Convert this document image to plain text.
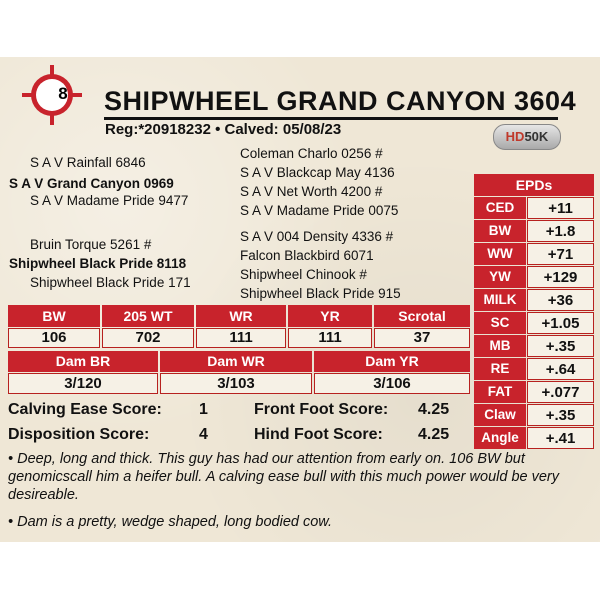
8 SHIPWHEEL GRAND CANYON 3604
Reg:*20918232 • Calved: 05/08/23	HD50K
S A V Rainfall 6846
S A V Grand Canyon 0969
S A V Madame Pride 9477
Coleman Charlo 0256 #
S A V Blackcap May 4136
S A V Net Worth 4200 #
S A V Madame Pride 0075
Bruin Torque 5261 #
Shipwheel Black Pride 8118
Shipwheel Black Pride 171
S A V 004 Density 4336 #
Falcon Blackbird 6071
Shipwheel Chinook #
Shipwheel Black Pride 915
BW	205 WT	WR	YR	Scrotal
106	702	111	111	37
Dam BR	Dam WR	Dam YR
3/120	3/103	3/106
EPDs
CED	+11
BW	+1.8
WW	+71
YW	+129
MILK	+36
SC	+1.05
MB	+.35
RE	+.64
FAT	+.077
Claw	+.35
Angle	+.41
Calving Ease Score: 1
Disposition Score:	4
Front Foot Score: 4.25
Hind Foot Score: 4.25
• Deep, long and thick. This guy has had our attention from early on. 106 BW but genomicscall him a heifer bull. A calving ease bull with this much power would be very desireable.
• Dam is a pretty, wedge shaped, long bodied cow.
